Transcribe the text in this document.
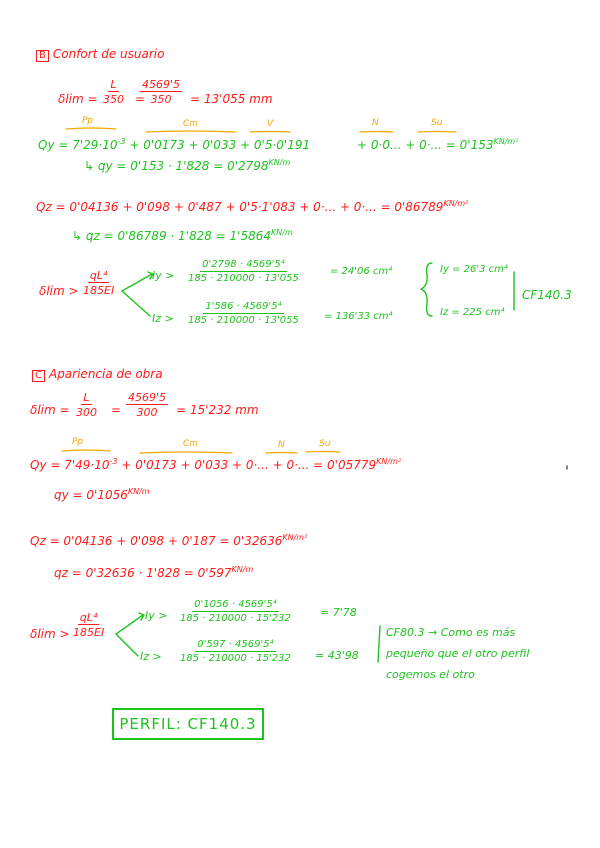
B Confort de usuario
$\delta\lim = \frac{L}{350}$ =
$\frac{4569'5}{350} = 13'055$ mm
Pp	Cm	V	N	Su
$Qy = 7'29\cdot 10^{-3} + 0'0173 + 0'033 + 0'5\cdot 0'191$	+ 0·0... + 0·... = $0'153^{KN/m^2}$
↳ qy = $0'153 \cdot 1'828 = 0'2798^{KN/m}$
Qz = 0'04136 + 0'098 + 0'487 + 0'5·1'083 + 0·... + 0·... = $0'86789^{KN/m^2}$
↳ qz = $0'86789 \cdot 1'828 = 1'5864^{KN/m}$
$\delta\lim > \frac{\text{qL⁴}}{185EI}$	$Iy > \frac{\text{0'2798 · 4569'5⁴}}{185 \cdot 210000 \cdot 13'055}$	= 24'06 cm⁴
$Iz > \frac{\text{1'586 · 4569'5⁴}}{185 \cdot 210000 \cdot 13'055} = 136'33$ cm⁴
Iy = 26'3 cm⁴
Iz = 225 cm⁴
CF140.3
C Apariencia de obra
$\delta\lim = \frac{L}{300} = \frac{4569'5}{300} = 15'232$ mm
Pp	Cm	N	Su
$Qy = 7'49\cdot 10^{-3} + 0'0173 + 0'033 + 0\cdot$... + 0·... = $0'05779^{KN/m^2}$
qy = $0'1056^{KN/m}$
$Qz = 0'04136 + 0'098 + 0'187 = 0'32636^{KN/m^2}$
qz = $0'32636 \cdot 1'828 = 0'597^{KN/m}$
$\delta\lim > \frac{\text{qL⁴}}{185EI}$	$Iy > \frac{\text{0'1056 · 4569'5⁴}}{185 \cdot 210000 \cdot 15'232} = 7'78$
$Iz > \frac{\text{0'597 · 4569'5⁴}}{185 \cdot 210000 \cdot 15'232} = 43'98$
CF80.3 → Como es más
pequeño que el otro perfil
cogemos el otro
PERFIL: CF140.3
